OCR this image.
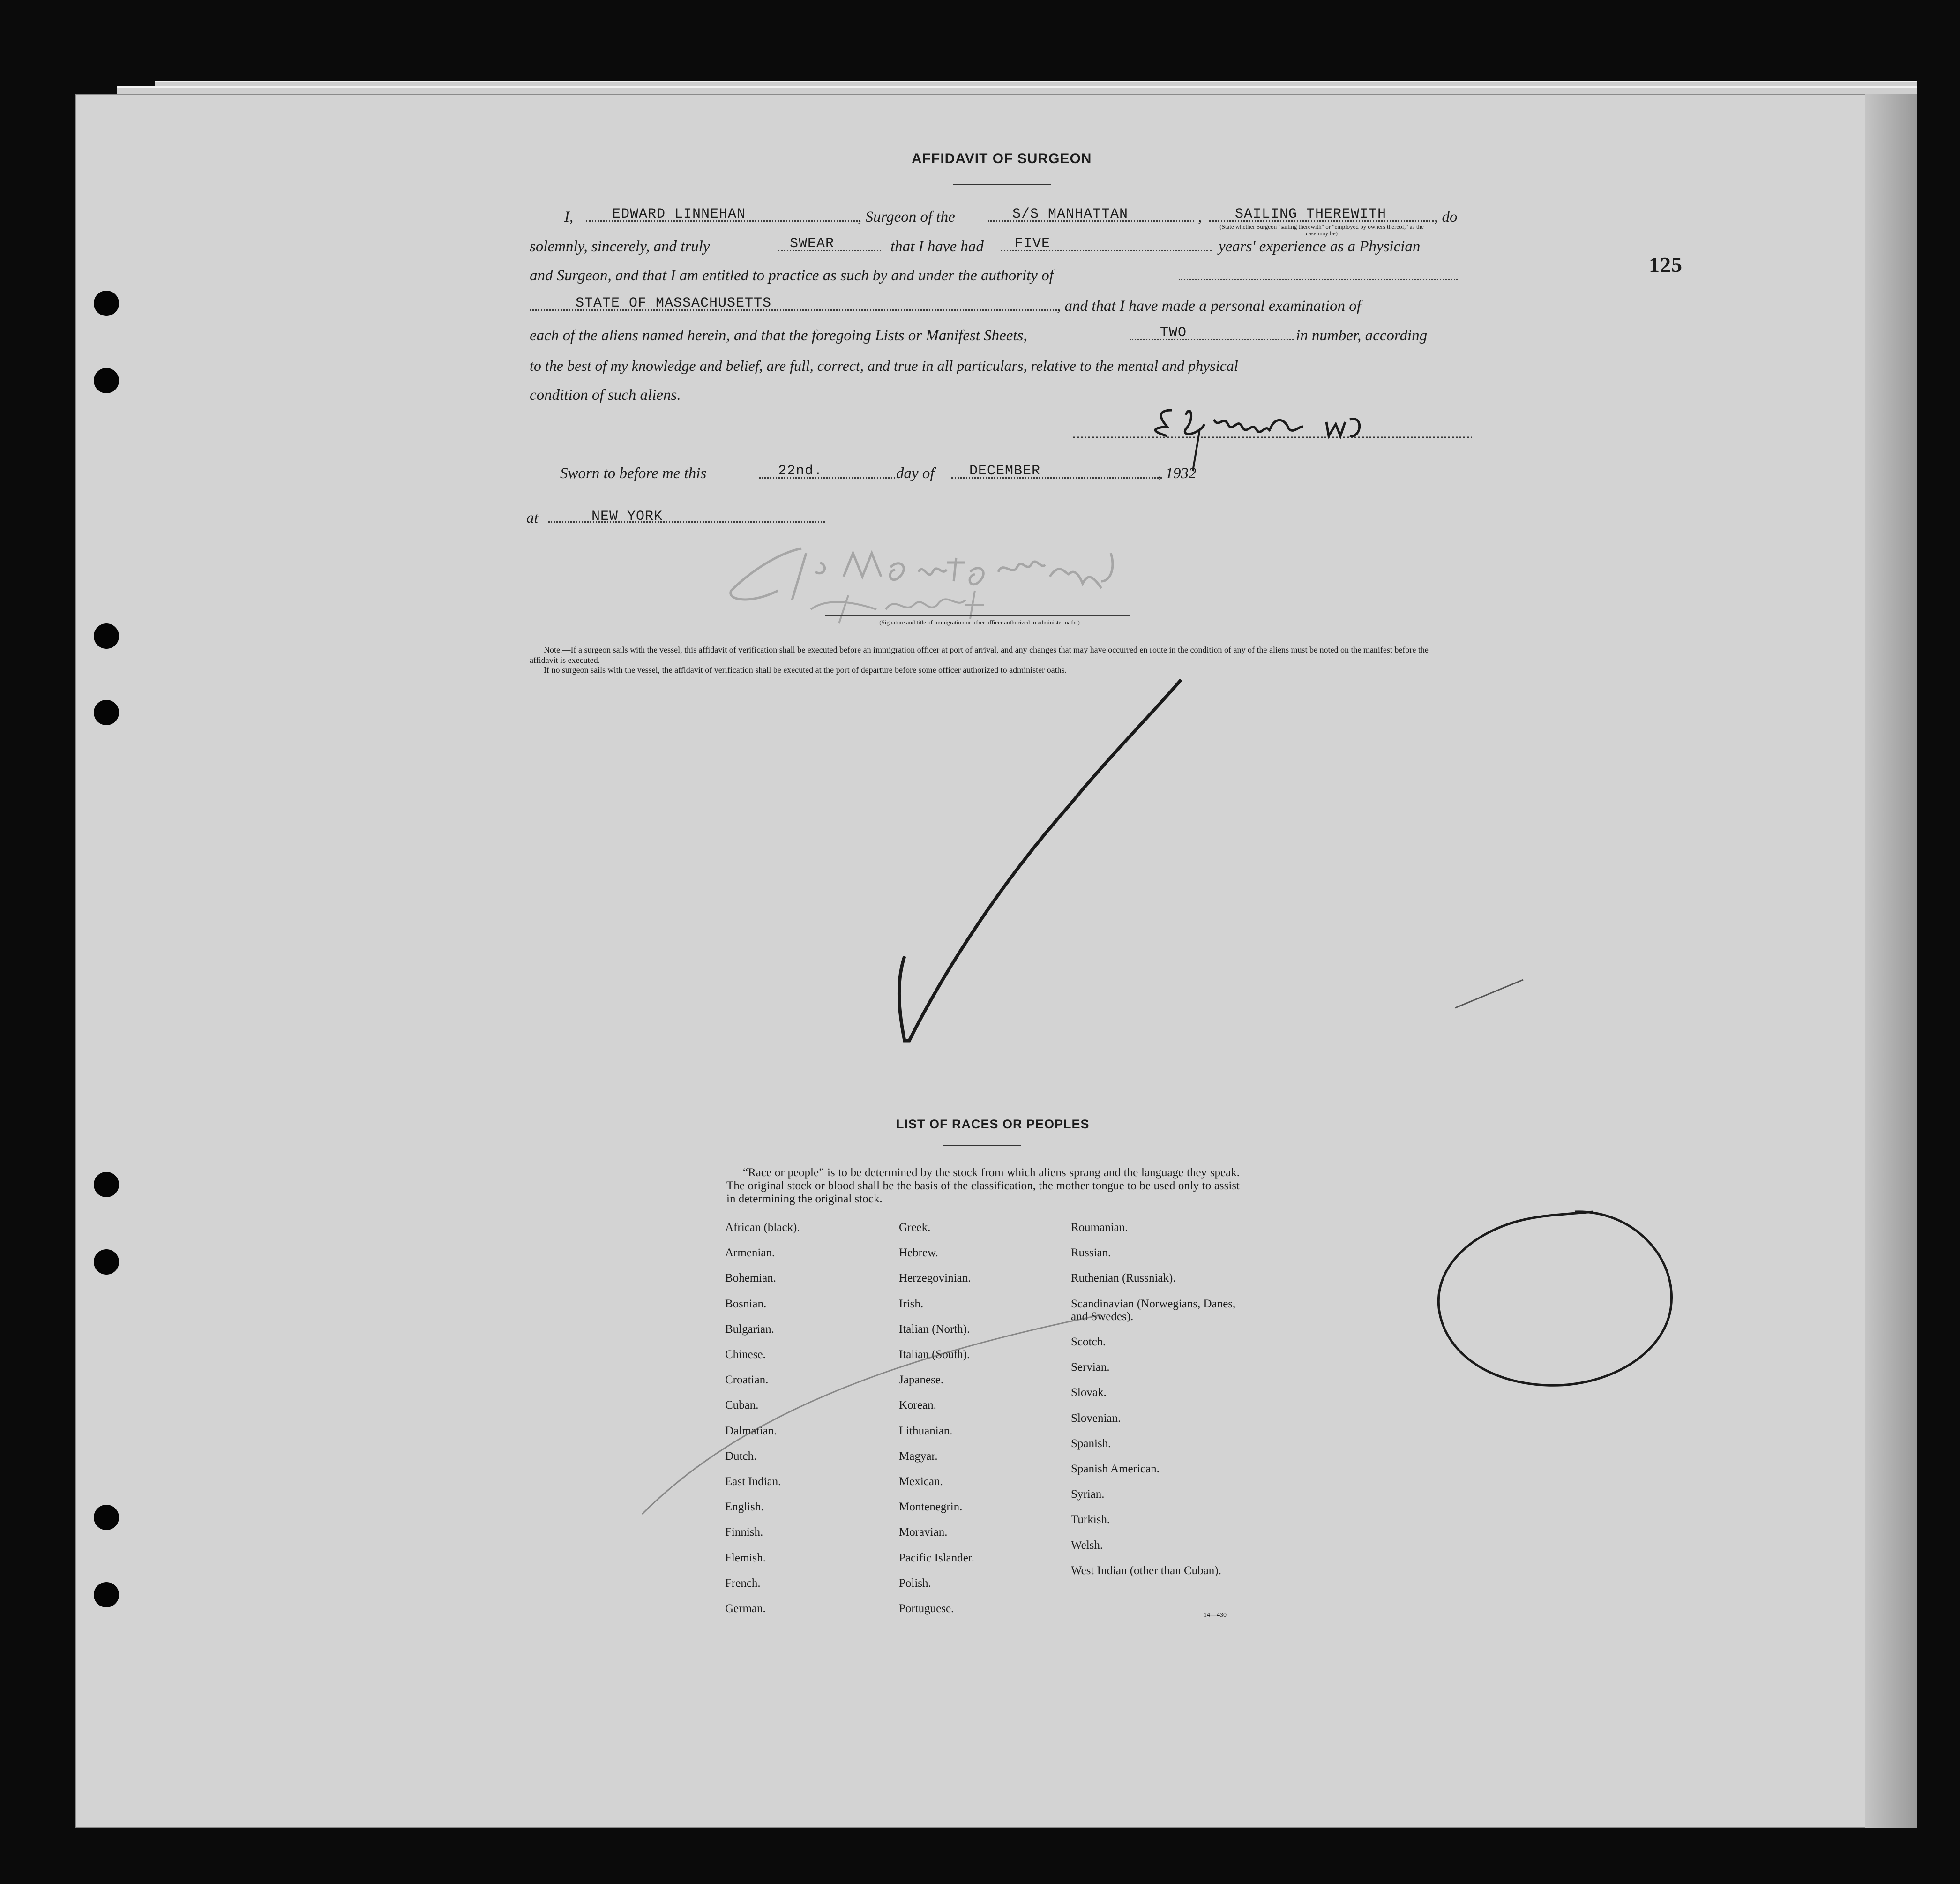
125
AFFIDAVIT OF SURGEON
I,	EDWARD LINNEHAN	, Surgeon of the	S/S MANHATTAN	, SAILING THEREWITH	, do
(State whether Surgeon "sailing therewith" or "employed by owners thereof," as the case may be)
solemnly, sincerely, and truly	SWEAR	that I have had FIVE	years' experience as a Physician
and Surgeon, and that I am entitled to practice as such by and under the authority of
STATE OF MASSACHUSETTS	, and that I have made a personal examination of
each of the aliens named herein, and that the foregoing Lists or Manifest Sheets,	TWO	in number, according
to the best of my knowledge and belief, are full, correct, and true in all particulars, relative to the mental and physical
condition of such aliens.
Sworn to before me this	22nd.	day of DECEMBER	, 1932
at	NEW YORK
(Signature and title of immigration or other officer authorized to administer oaths)
Note.—If a surgeon sails with the vessel, this affidavit of verification shall be executed before an immigration officer at port of arrival, and any changes that may have occurred en route in the condition of any of the aliens must be noted on the manifest before the affidavit is executed.
If no surgeon sails with the vessel, the affidavit of verification shall be executed at the port of departure before some officer authorized to administer oaths.
LIST OF RACES OR PEOPLES
“Race or people” is to be determined by the stock from which aliens sprang and the language they speak. The original stock or blood shall be the basis of the classification, the mother tongue to be used only to assist in determining the original stock.
African (black).
Armenian.
Bohemian.
Bosnian.
Bulgarian.
Chinese.
Croatian.
Cuban.
Dalmatian.
Dutch.
East Indian.
English.
Finnish.
Flemish.
French.
German.
Greek.
Hebrew.
Herzegovinian.
Irish.
Italian (North).
Italian (South).
Japanese.
Korean.
Lithuanian.
Magyar.
Mexican.
Montenegrin.
Moravian.
Pacific Islander.
Polish.
Portuguese.
Roumanian.
Russian.
Ruthenian (Russniak).
Scandinavian (Norwegians, Danes, and Swedes).
Scotch.
Servian.
Slovak.
Slovenian.
Spanish.
Spanish American.
Syrian.
Turkish.
Welsh.
West Indian (other than Cuban).
14—430
